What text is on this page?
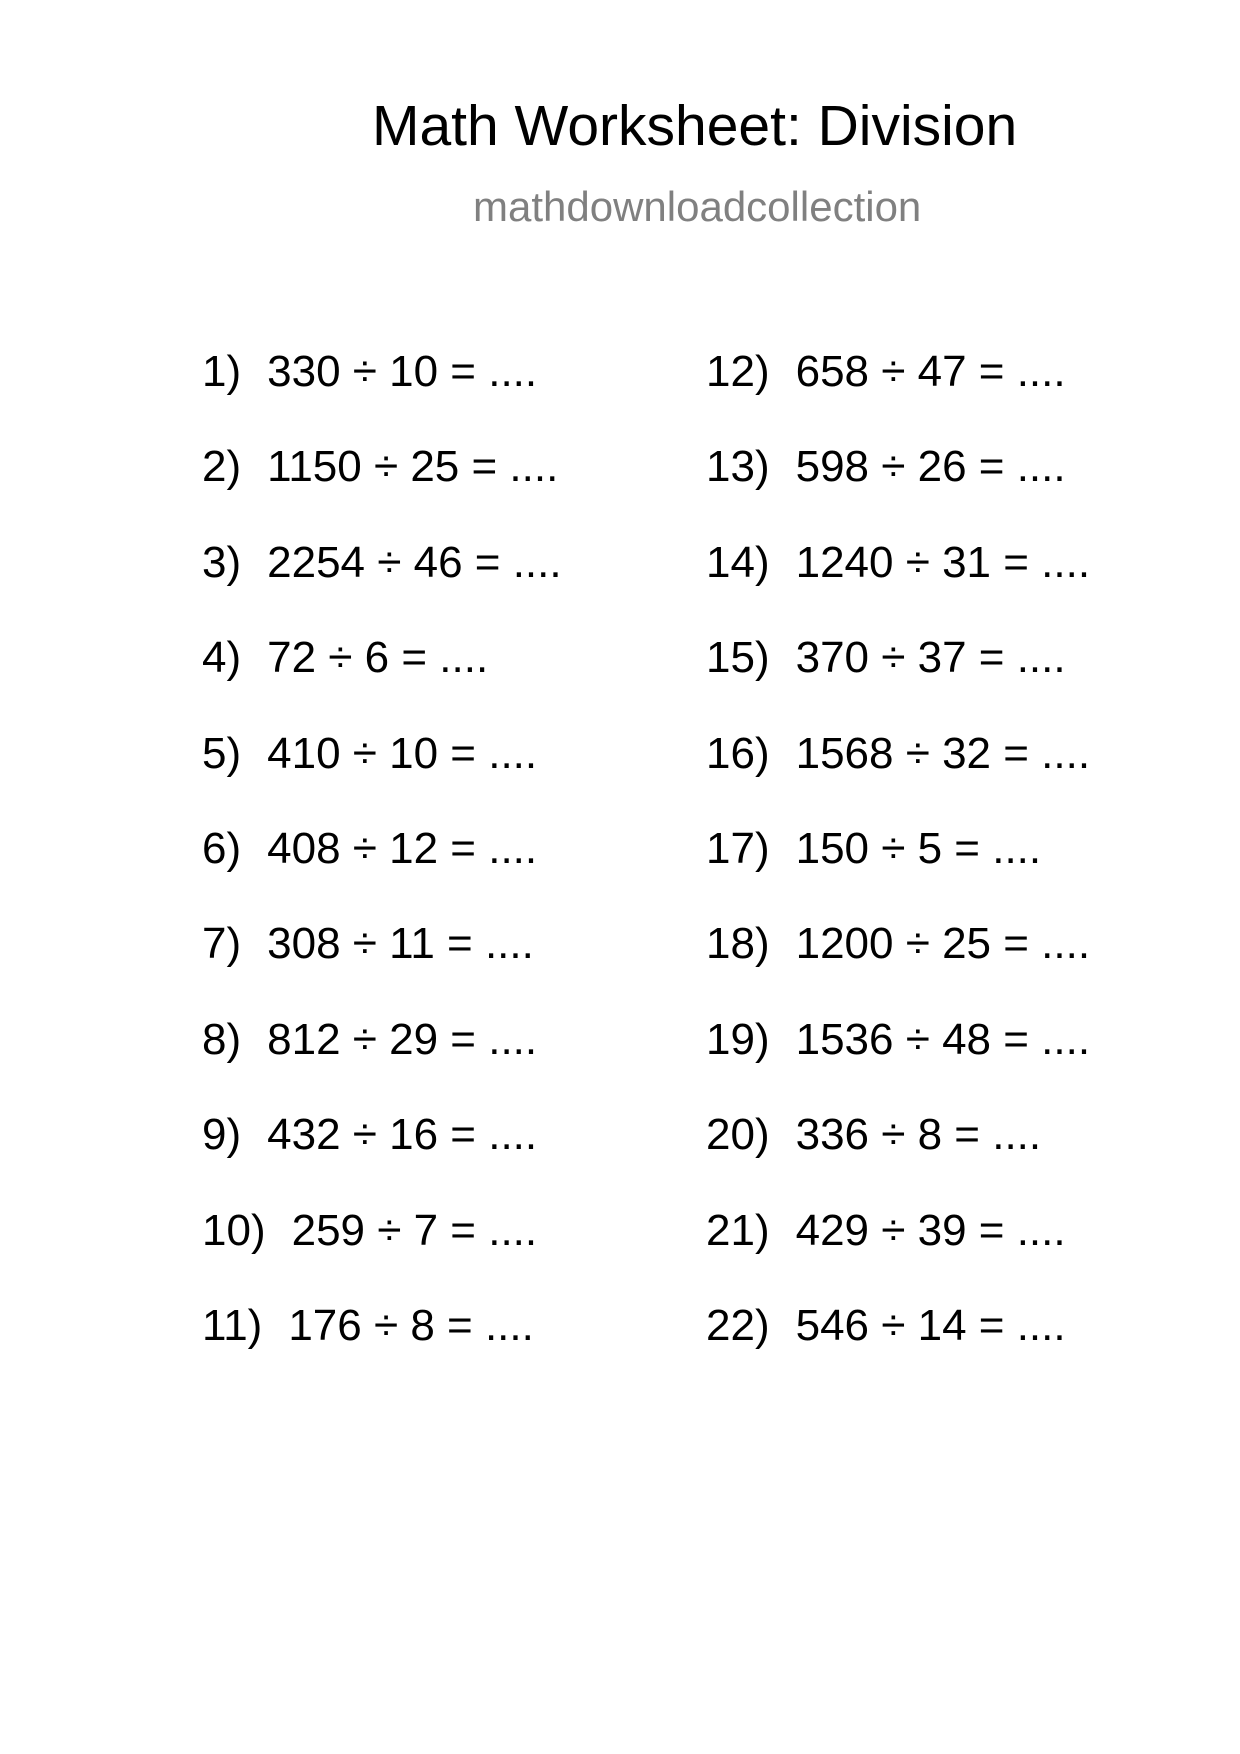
Math Worksheet: Division
mathdownloadcollection
1) 330 ÷ 10 = ....
2) 1150 ÷ 25 = ....
3) 2254 ÷ 46 = ....
4) 72 ÷ 6 = ....
5) 410 ÷ 10 = ....
6) 408 ÷ 12 = ....
7) 308 ÷ 11 = ....
8) 812 ÷ 29 = ....
9) 432 ÷ 16 = ....
10) 259 ÷ 7 = ....
11) 176 ÷ 8 = ....
12) 658 ÷ 47 = ....
13) 598 ÷ 26 = ....
14) 1240 ÷ 31 = ....
15) 370 ÷ 37 = ....
16) 1568 ÷ 32 = ....
17) 150 ÷ 5 = ....
18) 1200 ÷ 25 = ....
19) 1536 ÷ 48 = ....
20) 336 ÷ 8 = ....
21) 429 ÷ 39 = ....
22) 546 ÷ 14 = ....
